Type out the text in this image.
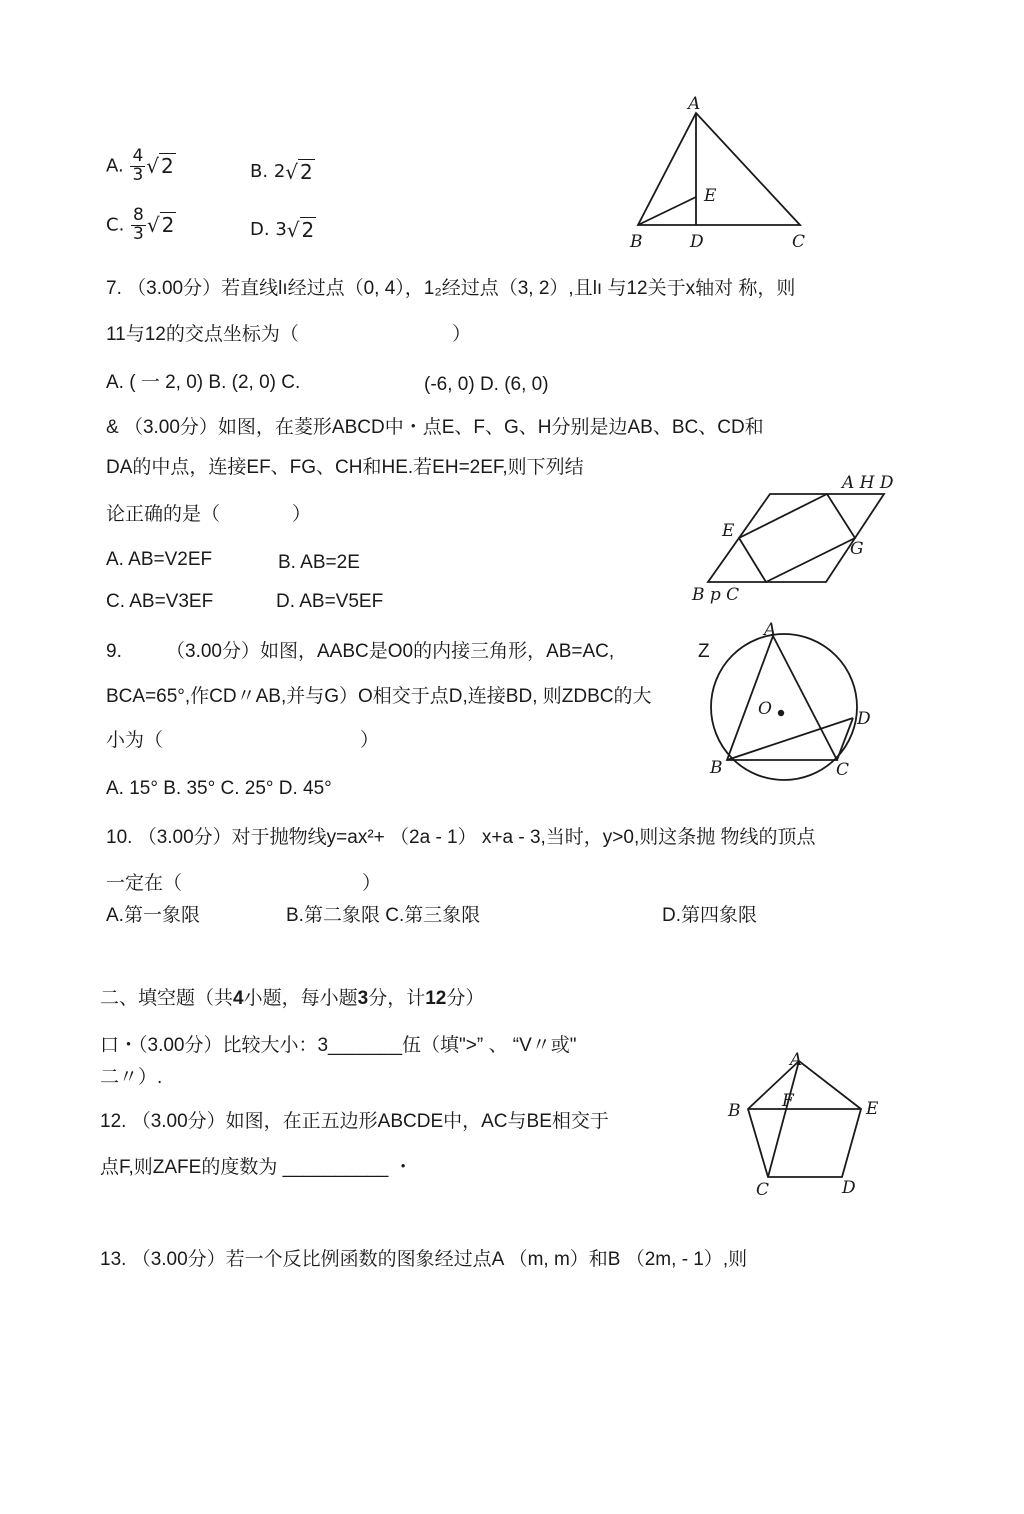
A. $\frac{4}{3}$ √ 2	B. 2√ 2
C. $\frac{8}{3}$ √ 2	D. 3√ 2
A
E
B	D	C
7. （3.00分）若直线lı经过点（0, 4），1₂经过点（3, 2）,且lı 与12关于x轴对 称，则
11与12的交点坐标为（	）
A. ( 一 2, 0) B. (2, 0) C.	(-6, 0) D. (6, 0)
& （3.00分）如图，在菱形ABCD中・点E、F、G、H分别是边AB、BC、CD和
DA的中点，连接EF、FG、CH和HE.若EH=2EF,则下列结
论正确的是（	）
A. AB=V2EF	B. AB=2E
C. AB=V3EF	D. AB=V5EF
A H D
E
G
B p C
9. （3.00分）如图，AABC是O0的内接三角形，AB=AC,	Z
BCA=65°,作CD〃AB,并与G）O相交于点D,连接BD, 则ZDBC的大
小为（	）
A. 15° B. 35° C. 25° D. 45°
A
O	D
B	C
10. （3.00分）对于抛物线y=ax²+ （2a - 1） x+a - 3,当时，y>0,则这条抛 物线的顶点
一定在（	）
A.第一象限	B.第二象限 C.第三象限	D.第四象限
二、填空题（共4小题，每小题3分，计12分）
口・（3.00分）比较大小：3_______伍（填">” 、 “V〃或"
二〃）.
12. （3.00分）如图，在正五边形ABCDE中，AC与BE相交于
点F,则ZAFE的度数为 __________ ・
A
F
B	E
C	D
13. （3.00分）若一个反比例函数的图象经过点A （m, m）和B （2m, - 1）,则
